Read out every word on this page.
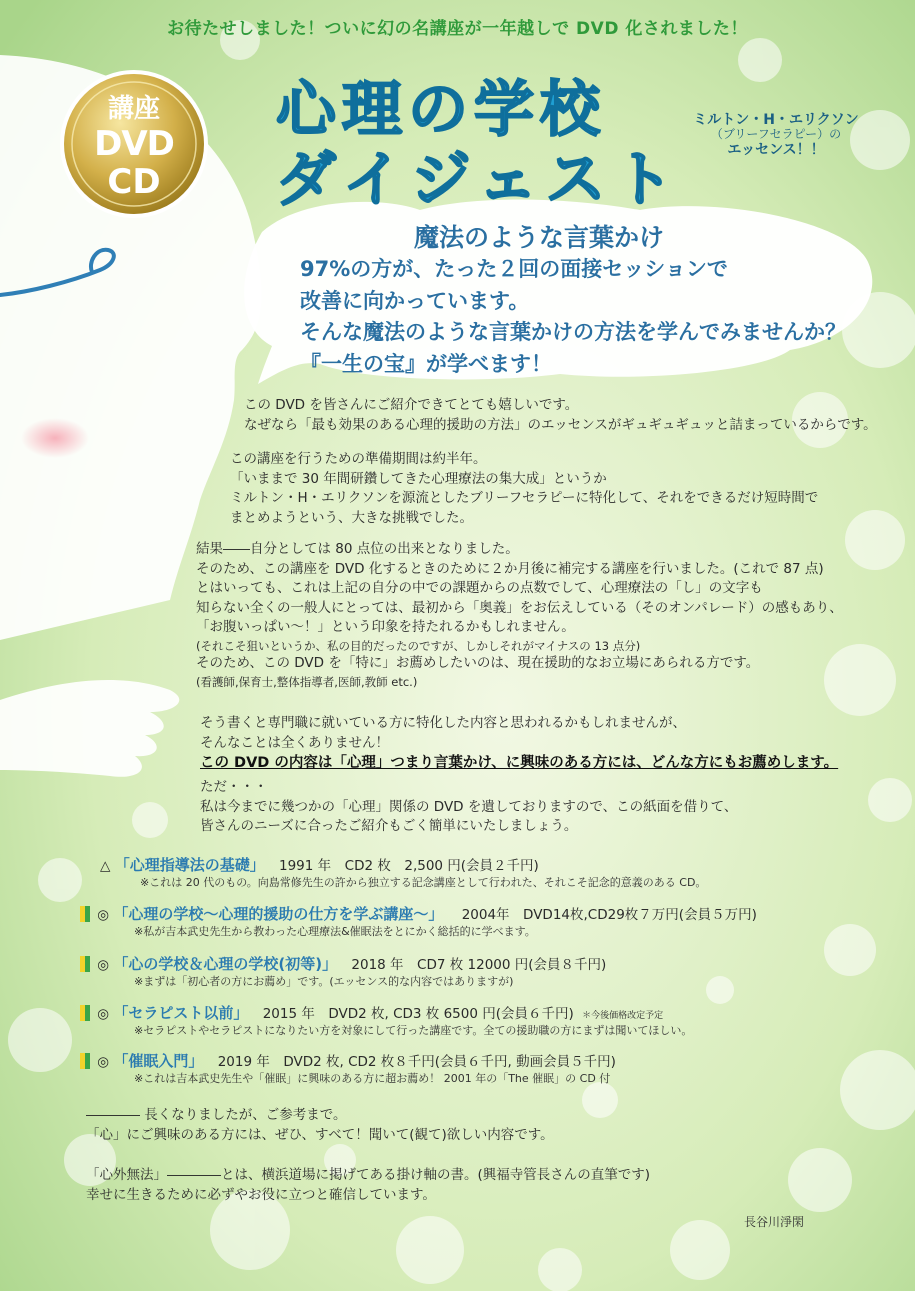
お待たせしました！ついに幻の名講座が一年越しで DVD 化されました！
心理の学校
ダイジェスト
ミルトン・H・エリクソン
（ブリーフセラピー）の
エッセンス！！
講座
DVD
CD
魔法のような言葉かけ
97%の方が、たった２回の面接セッションで
改善に向かっています。
そんな魔法のような言葉かけの方法を学んでみませんか？
『一生の宝』が学べます！
この DVD を皆さんにご紹介できてとても嬉しいです。
なぜなら「最も効果のある心理的援助の方法」のエッセンスがギュギュギュッと詰まっているからです。
この講座を行うための準備期間は約半年。
「いままで 30 年間研鑽してきた心理療法の集大成」というか
ミルトン・H・エリクソンを源流としたブリーフセラピーに特化して、それをできるだけ短時間で
まとめようという、大きな挑戦でした。
結果――自分としては 80 点位の出来となりました。
そのため、この講座を DVD 化するときのために２か月後に補完する講座を行いました。(これで 87 点)
とはいっても、これは上記の自分の中での課題からの点数でして、心理療法の「し」の文字も
知らない全くの一般人にとっては、最初から「奥義」をお伝えしている（そのオンパレード）の感もあり、
「お腹いっぱい～！」という印象を持たれるかもしれません。
(それこそ狙いというか、私の目的だったのですが、しかしそれがマイナスの 13 点分)
そのため、この DVD を「特に」お薦めしたいのは、現在援助的なお立場にあられる方です。
(看護師,保育士,整体指導者,医師,教師 etc.)
そう書くと専門職に就いている方に特化した内容と思われるかもしれませんが、
そんなことは全くありません！
この DVD の内容は「心理」つまり言葉かけ、に興味のある方には、どんな方にもお薦めします。
ただ・・・
私は今までに幾つかの「心理」関係の DVD を遺しておりますので、この紙面を借りて、
皆さんのニーズに合ったご紹介もごく簡単にいたしましょう。
△ 「心理指導法の基礎」 1991 年　CD2 枚　2,500 円(会員２千円)
※これは 20 代のもの。向島常修先生の許から独立する記念講座として行われた、それこそ記念的意義のある CD。
◎ 「心理の学校～心理的援助の仕方を学ぶ講座～」 2004年　DVD14枚,CD29枚７万円(会員５万円)
※私が吉本武史先生から教わった心理療法&催眠法をとにかく総括的に学べます。
◎ 「心の学校＆心理の学校(初等)」 2018 年　CD7 枚 12000 円(会員８千円)
※まずは「初心者の方にお薦め」です。(エッセンス的な内容ではありますが)
◎ 「セラピスト以前」 2015 年　DVD2 枚, CD3 枚 6500 円(会員６千円) ＊今後価格改定予定
※セラピストやセラピストになりたい方を対象にして行った講座です。全ての援助職の方にまずは聞いてほしい。
◎ 「催眠入門」 2019 年　DVD2 枚, CD2 枚８千円(会員６千円, 動画会員５千円)
※これは吉本武史先生や「催眠」に興味のある方に超お薦め！ 2001 年の「The 催眠」の CD 付
―――― 長くなりましたが、ご参考まで。
「心」にご興味のある方には、ぜひ、すべて！聞いて(観て)欲しい内容です。
「心外無法」――――とは、横浜道場に掲げてある掛け軸の書。(興福寺管長さんの直筆です)
幸せに生きるために必ずやお役に立つと確信しています。
長谷川淨閑
